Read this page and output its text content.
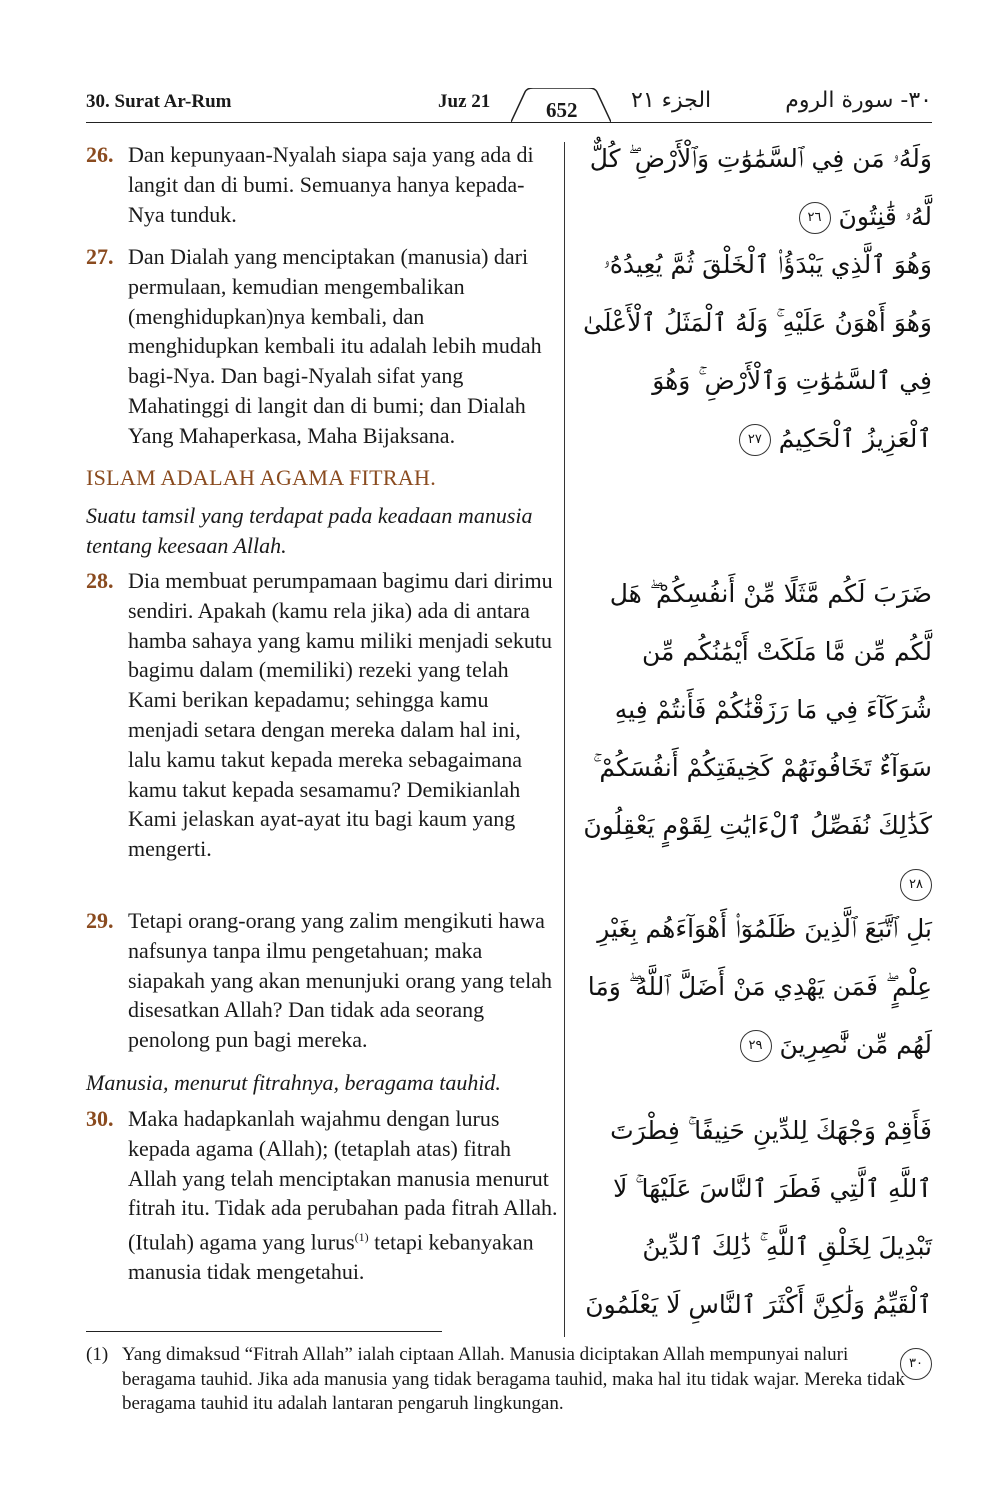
30. Surat Ar-Rum	Juz 21	652 الجزء ٢١	٣٠- سورة الروم
26. Dan kepunyaan-Nyalah siapa saja yang ada di langit dan di bumi. Semuanya hanya kepada-Nya tunduk.
وَلَهُۥ مَن فِي ٱلسَّمَٰوَٰتِ وَٱلْأَرْضِ ۖ كُلٌّ لَّهُۥ قَٰنِتُونَ ٢٦
27. Dan Dialah yang menciptakan (manusia) dari permulaan, kemudian mengembalikan (menghidupkan)nya kembali, dan menghidupkan kembali itu adalah lebih mudah bagi-Nya. Dan bagi-Nyalah sifat yang Mahatinggi di langit dan di bumi; dan Dialah Yang Mahaperkasa, Maha Bijaksana.
وَهُوَ ٱلَّذِي يَبْدَؤُا۟ ٱلْخَلْقَ ثُمَّ يُعِيدُهُۥ وَهُوَ أَهْوَنُ عَلَيْهِ ۚ وَلَهُ ٱلْمَثَلُ ٱلْأَعْلَىٰ فِي ٱلسَّمَٰوَٰتِ وَٱلْأَرْضِ ۚ وَهُوَ ٱلْعَزِيزُ ٱلْحَكِيمُ ٢٧
ISLAM ADALAH AGAMA FITRAH.
Suatu tamsil yang terdapat pada keadaan manusia tentang keesaan Allah.
28. Dia membuat perumpamaan bagimu dari dirimu sendiri. Apakah (kamu rela jika) ada di antara hamba sahaya yang kamu miliki menjadi sekutu bagimu dalam (memiliki) rezeki yang telah Kami berikan kepadamu; sehingga kamu menjadi setara dengan mereka dalam hal ini, lalu kamu takut kepada mereka sebagaimana kamu takut kepada sesamamu? Demikianlah Kami jelaskan ayat-ayat itu bagi kaum yang mengerti.
ضَرَبَ لَكُم مَّثَلًا مِّنْ أَنفُسِكُمْ ۖ هَل لَّكُم مِّن مَّا مَلَكَتْ أَيْمَٰنُكُم مِّن شُرَكَآءَ فِي مَا رَزَقْنَٰكُمْ فَأَنتُمْ فِيهِ سَوَآءٌ تَخَافُونَهُمْ كَخِيفَتِكُمْ أَنفُسَكُمْ ۚ كَذَٰلِكَ نُفَصِّلُ ٱلْءَايَٰتِ لِقَوْمٍ يَعْقِلُونَ ٢٨
29. Tetapi orang-orang yang zalim mengikuti hawa nafsunya tanpa ilmu pengetahuan; maka siapakah yang akan menunjuki orang yang telah disesatkan Allah? Dan tidak ada seorang penolong pun bagi mereka.
بَلِ ٱتَّبَعَ ٱلَّذِينَ ظَلَمُوٓا۟ أَهْوَآءَهُم بِغَيْرِ عِلْمٍ ۖ فَمَن يَهْدِي مَنْ أَضَلَّ ٱللَّهُ ۖ وَمَا لَهُم مِّن نَّٰصِرِينَ ٢٩
Manusia, menurut fitrahnya, beragama tauhid.
30. Maka hadapkanlah wajahmu dengan lurus kepada agama (Allah); (tetaplah atas) fitrah Allah yang telah menciptakan manusia menurut fitrah itu. Tidak ada perubahan pada fitrah Allah. (Itulah) agama yang lurus$^{(1)}$ tetapi kebanyakan manusia tidak mengetahui.
فَأَقِمْ وَجْهَكَ لِلدِّينِ حَنِيفًا ۚ فِطْرَتَ ٱللَّهِ ٱلَّتِي فَطَرَ ٱلنَّاسَ عَلَيْهَا ۚ لَا تَبْدِيلَ لِخَلْقِ ٱللَّهِ ۚ ذَٰلِكَ ٱلدِّينُ ٱلْقَيِّمُ وَلَٰكِنَّ أَكْثَرَ ٱلنَّاسِ لَا يَعْلَمُونَ ٣٠
(1) Yang dimaksud “Fitrah Allah” ialah ciptaan Allah. Manusia diciptakan Allah mempunyai naluri beragama tauhid. Jika ada manusia yang tidak beragama tauhid, maka hal itu tidak wajar. Mereka tidak beragama tauhid itu adalah lantaran pengaruh lingkungan.
